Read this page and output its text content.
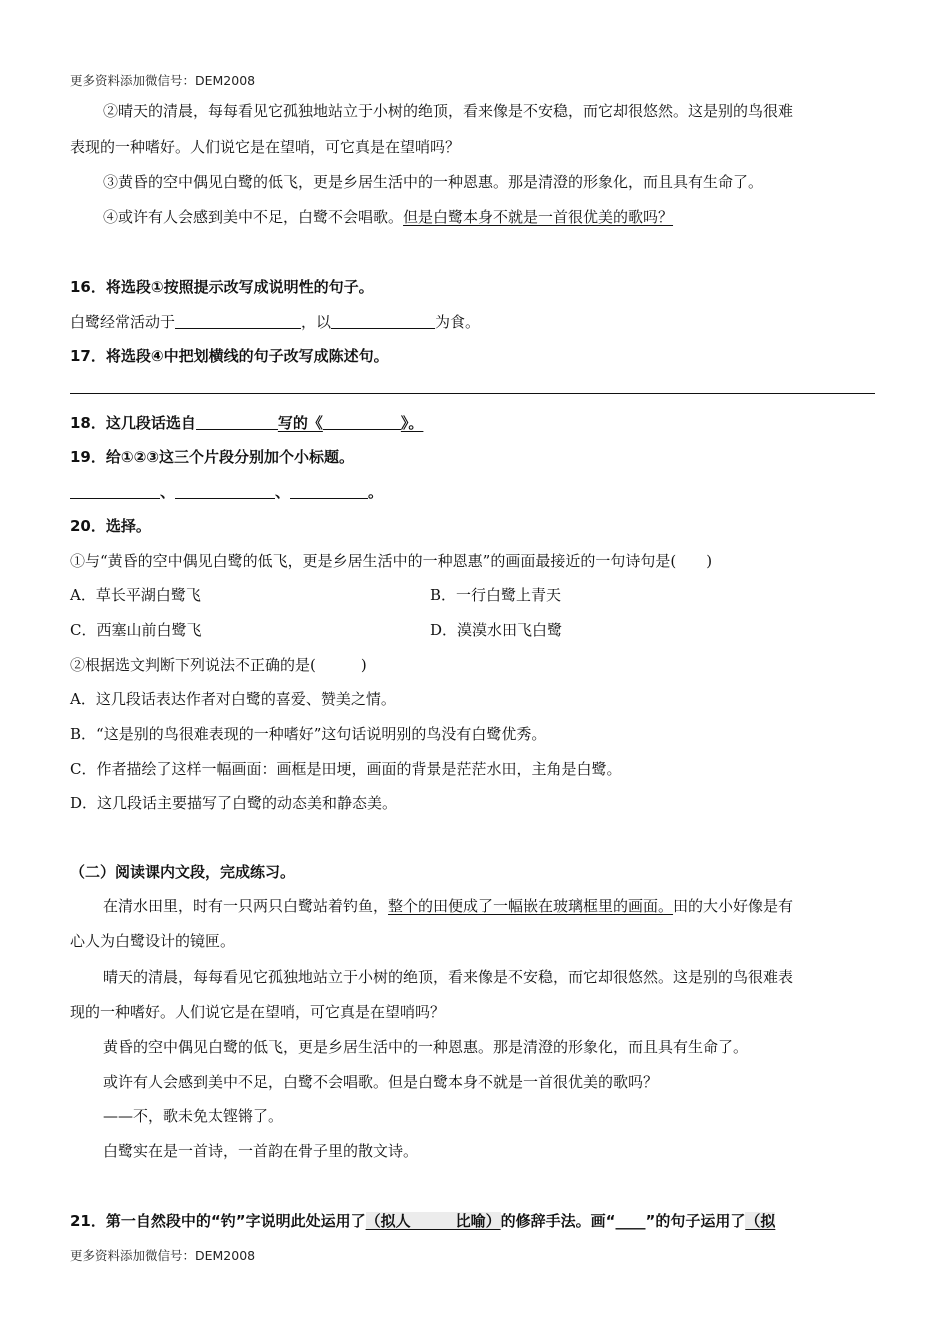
更多资料添加微信号：DEM2008
②晴天的清晨，每每看见它孤独地站立于小树的绝顶，看来像是不安稳，而它却很悠然。这是别的鸟很难
表现的一种嗜好。人们说它是在望哨，可它真是在望哨吗？
③黄昏的空中偶见白鹭的低飞，更是乡居生活中的一种恩惠。那是清澄的形象化，而且具有生命了。
④或许有人会感到美中不足，白鹭不会唱歌。但是白鹭本身不就是一首很优美的歌吗？
16．将选段①按照提示改写成说明性的句子。
白鹭经常活动于	，以	为食。
17．将选段④中把划横线的句子改写成陈述句。
18．这几段话选自	写的《	》。
19．给①②③这三个片段分别加个小标题。
、	、	。
20．选择。
①与“黄昏的空中偶见白鹭的低飞，更是乡居生活中的一种恩惠”的画面最接近的一句诗句是(　　)
A．草长平湖白鹭飞	B．一行白鹭上青天
C．西塞山前白鹭飞	D．漠漠水田飞白鹭
②根据选文判断下列说法不正确的是(　　　)
A．这几段话表达作者对白鹭的喜爱、赞美之情。
B．“这是别的鸟很难表现的一种嗜好”这句话说明别的鸟没有白鹭优秀。
C．作者描绘了这样一幅画面：画框是田埂，画面的背景是茫茫水田，主角是白鹭。
D．这几段话主要描写了白鹭的动态美和静态美。
（二）阅读课内文段，完成练习。
在清水田里，时有一只两只白鹭站着钓鱼，整个的田便成了一幅嵌在玻璃框里的画面。田的大小好像是有
心人为白鹭设计的镜匣。
晴天的清晨，每每看见它孤独地站立于小树的绝顶，看来像是不安稳，而它却很悠然。这是别的鸟很难表
现的一种嗜好。人们说它是在望哨，可它真是在望哨吗？
黄昏的空中偶见白鹭的低飞，更是乡居生活中的一种恩惠。那是清澄的形象化，而且具有生命了。
或许有人会感到美中不足，白鹭不会唱歌。但是白鹭本身不就是一首很优美的歌吗？
——不，歌未免太铿锵了。
白鹭实在是一首诗，一首韵在骨子里的散文诗。
21．第一自然段中的“钓”字说明此处运用了（拟人　　　比喻）的修辞手法。画“____”的句子运用了（拟
更多资料添加微信号：DEM2008
